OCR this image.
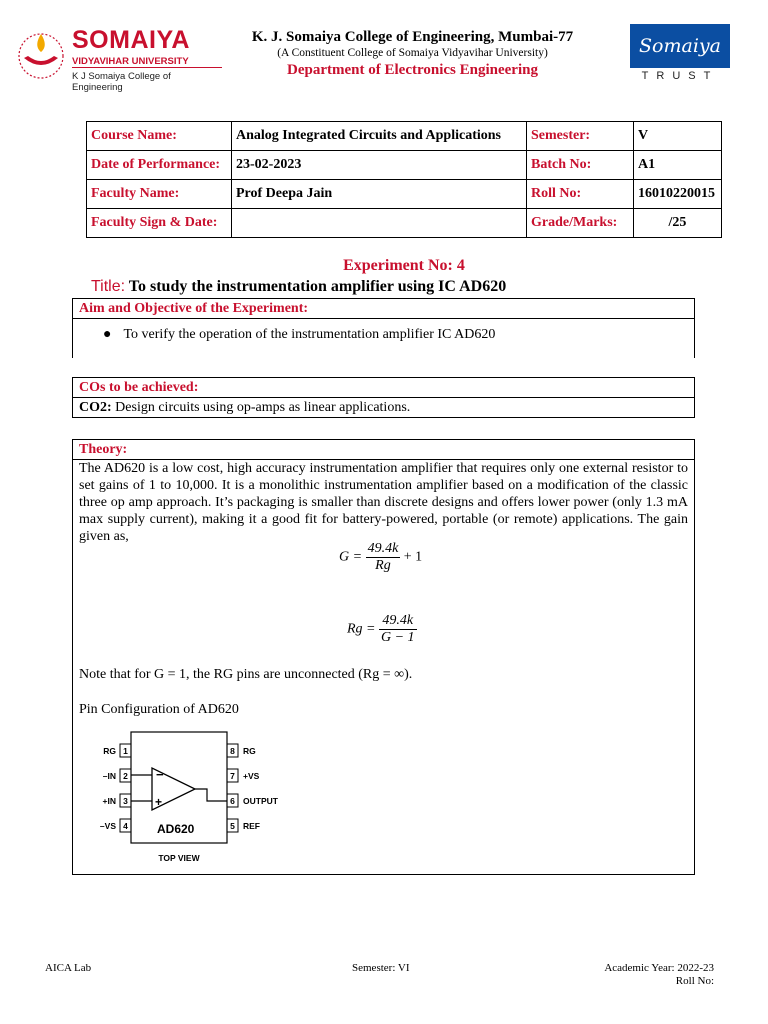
SOMAIYA
VIDYAVIHAR UNIVERSITY
K J Somaiya College of Engineering
K. J. Somaiya College of Engineering, Mumbai-77
(A Constituent College of Somaiya Vidyavihar University)
Department of Electronics Engineering
Somaiya
TRUST
Course Name:	Analog Integrated Circuits and Applications	Semester:	V
Date of Performance:	23-02-2023	Batch No:	A1
Faculty Name:	Prof Deepa Jain	Roll No:	16010220015
Faculty Sign & Date:		Grade/Marks:	/25
Experiment No: 4
Title: To study the instrumentation amplifier using IC AD620
Aim and Objective of the Experiment:
● To verify the operation of the instrumentation amplifier IC AD620
COs to be achieved:
CO2: Design circuits using op-amps as linear applications.
Theory:

The AD620 is a low cost, high accuracy instrumentation amplifier that requires only one external resistor to set gains of 1 to 10,000. It is a monolithic instrumentation amplifier based on a modification of the classic three op amp approach. It’s packaging is smaller than discrete designs and offers lower power (only 1.3 mA max supply current), making it a good fit for battery-powered, portable (or remote) applications. The gain given as,

$G = \frac{49.4k}{Rg} + 1$
$Rg = \frac{49.4k}{G - 1}$
Note that for G = 1, the RG pins are unconnected (Rg = ∞).
Pin Configuration of AD620
1
2
3
4
RG
–IN
+IN
–VS
8
7
6
5
RG
+VS
OUTPUT
REF
−
+
AD620
TOP VIEW
AICA Lab	Semester: VI	Academic Year: 2022-23
Roll No:
